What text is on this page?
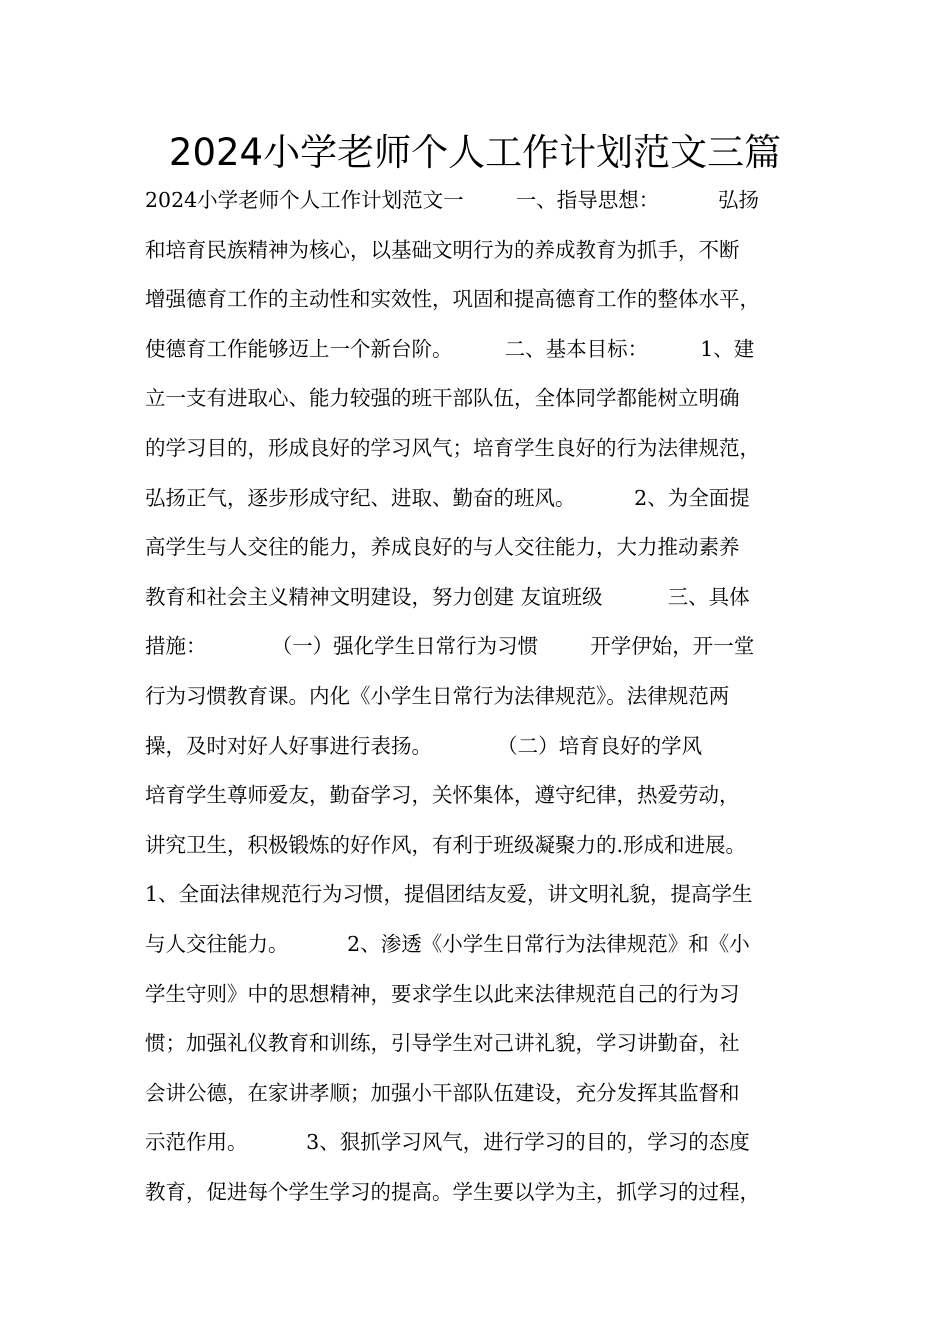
2024小学老师个人工作计划范文三篇
2024小学老师个人工作计划范文一        一、指导思想：         弘扬
和培育民族精神为核心，以基础文明行为的养成教育为抓手，不断
增强德育工作的主动性和实效性，巩固和提高德育工作的整体水平，
使德育工作能够迈上一个新台阶。        二、基本目标：        1、建
立一支有进取心、能力较强的班干部队伍，全体同学都能树立明确
的学习目的，形成良好的学习风气；培育学生良好的行为法律规范，
弘扬正气，逐步形成守纪、进取、勤奋的班风。         2、为全面提
高学生与人交往的能力，养成良好的与人交往能力，大力推动素养
教育和社会主义精神文明建设，努力创建 友谊班级          三、具体
措施：          （一）强化学生日常行为习惯        开学伊始，开一堂
行为习惯教育课。内化《小学生日常行为法律规范》。法律规范两
操，及时对好人好事进行表扬。          （二）培育良好的学风
培育学生尊师爱友，勤奋学习，关怀集体，遵守纪律，热爱劳动，
讲究卫生，积极锻炼的好作风，有利于班级凝聚力的.形成和进展。
1、全面法律规范行为习惯，提倡团结友爱，讲文明礼貌，提高学生
与人交往能力。         2、渗透《小学生日常行为法律规范》和《小
学生守则》中的思想精神，要求学生以此来法律规范自己的行为习
惯；加强礼仪教育和训练，引导学生对己讲礼貌，学习讲勤奋，社
会讲公德，在家讲孝顺；加强小干部队伍建设，充分发挥其监督和
示范作用。         3、狠抓学习风气，进行学习的目的，学习的态度
教育，促进每个学生学习的提高。学生要以学为主，抓学习的过程，
